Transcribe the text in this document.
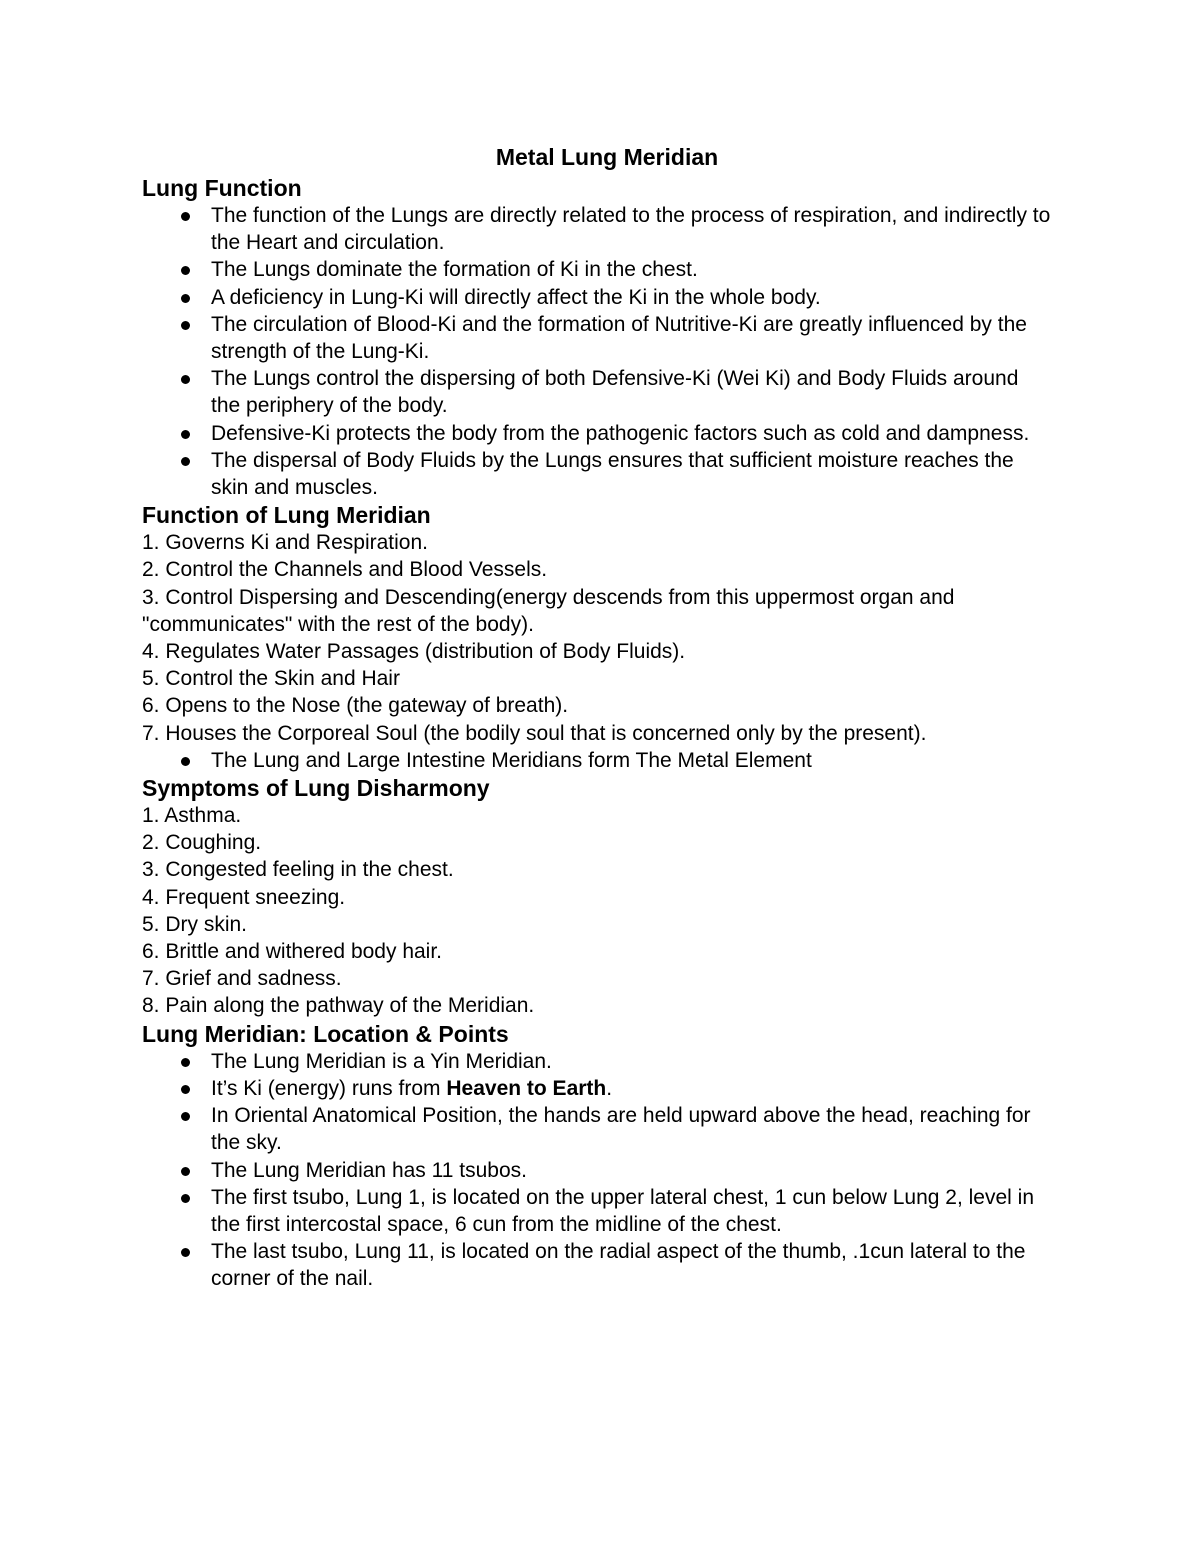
Metal Lung Meridian
Lung Function
The function of the Lungs are directly related to the process of respiration, and indirectly to the Heart and circulation.
The Lungs dominate the formation of Ki in the chest.
A deficiency in Lung-Ki will directly affect the Ki in the whole body.
The circulation of Blood-Ki and the formation of Nutritive-Ki are greatly influenced by the strength of the Lung-Ki.
The Lungs control the dispersing of both Defensive-Ki (Wei Ki) and Body Fluids around the periphery of the body.
Defensive-Ki protects the body from the pathogenic factors such as cold and dampness.
The dispersal of Body Fluids by the Lungs ensures that sufficient moisture reaches the skin and muscles.
Function of Lung Meridian

1. Governs Ki and Respiration.

2. Control the Channels and Blood Vessels.

3. Control Dispersing and Descending(energy descends from this uppermost organ and "communicates" with the rest of the body).

4. Regulates Water Passages (distribution of Body Fluids).

5. Control the Skin and Hair

6. Opens to the Nose (the gateway of breath).

7. Houses the Corporeal Soul (the bodily soul that is concerned only by the present).

The Lung and Large Intestine Meridians form The Metal Element
Symptoms of Lung Disharmony

1. Asthma.

2. Coughing.

3. Congested feeling in the chest.

4. Frequent sneezing.

5. Dry skin.

6. Brittle and withered body hair.

7. Grief and sadness.

8. Pain along the pathway of the Meridian.

Lung Meridian: Location & Points
The Lung Meridian is a Yin Meridian.
It’s Ki (energy) runs from Heaven to Earth.
In Oriental Anatomical Position, the hands are held upward above the head, reaching for the sky.
The Lung Meridian has 11 tsubos.
The first tsubo, Lung 1, is located on the upper lateral chest, 1 cun below Lung 2, level in the first intercostal space, 6 cun from the midline of the chest.
The last tsubo, Lung 11, is located on the radial aspect of the thumb, .1cun lateral to the corner of the nail.
